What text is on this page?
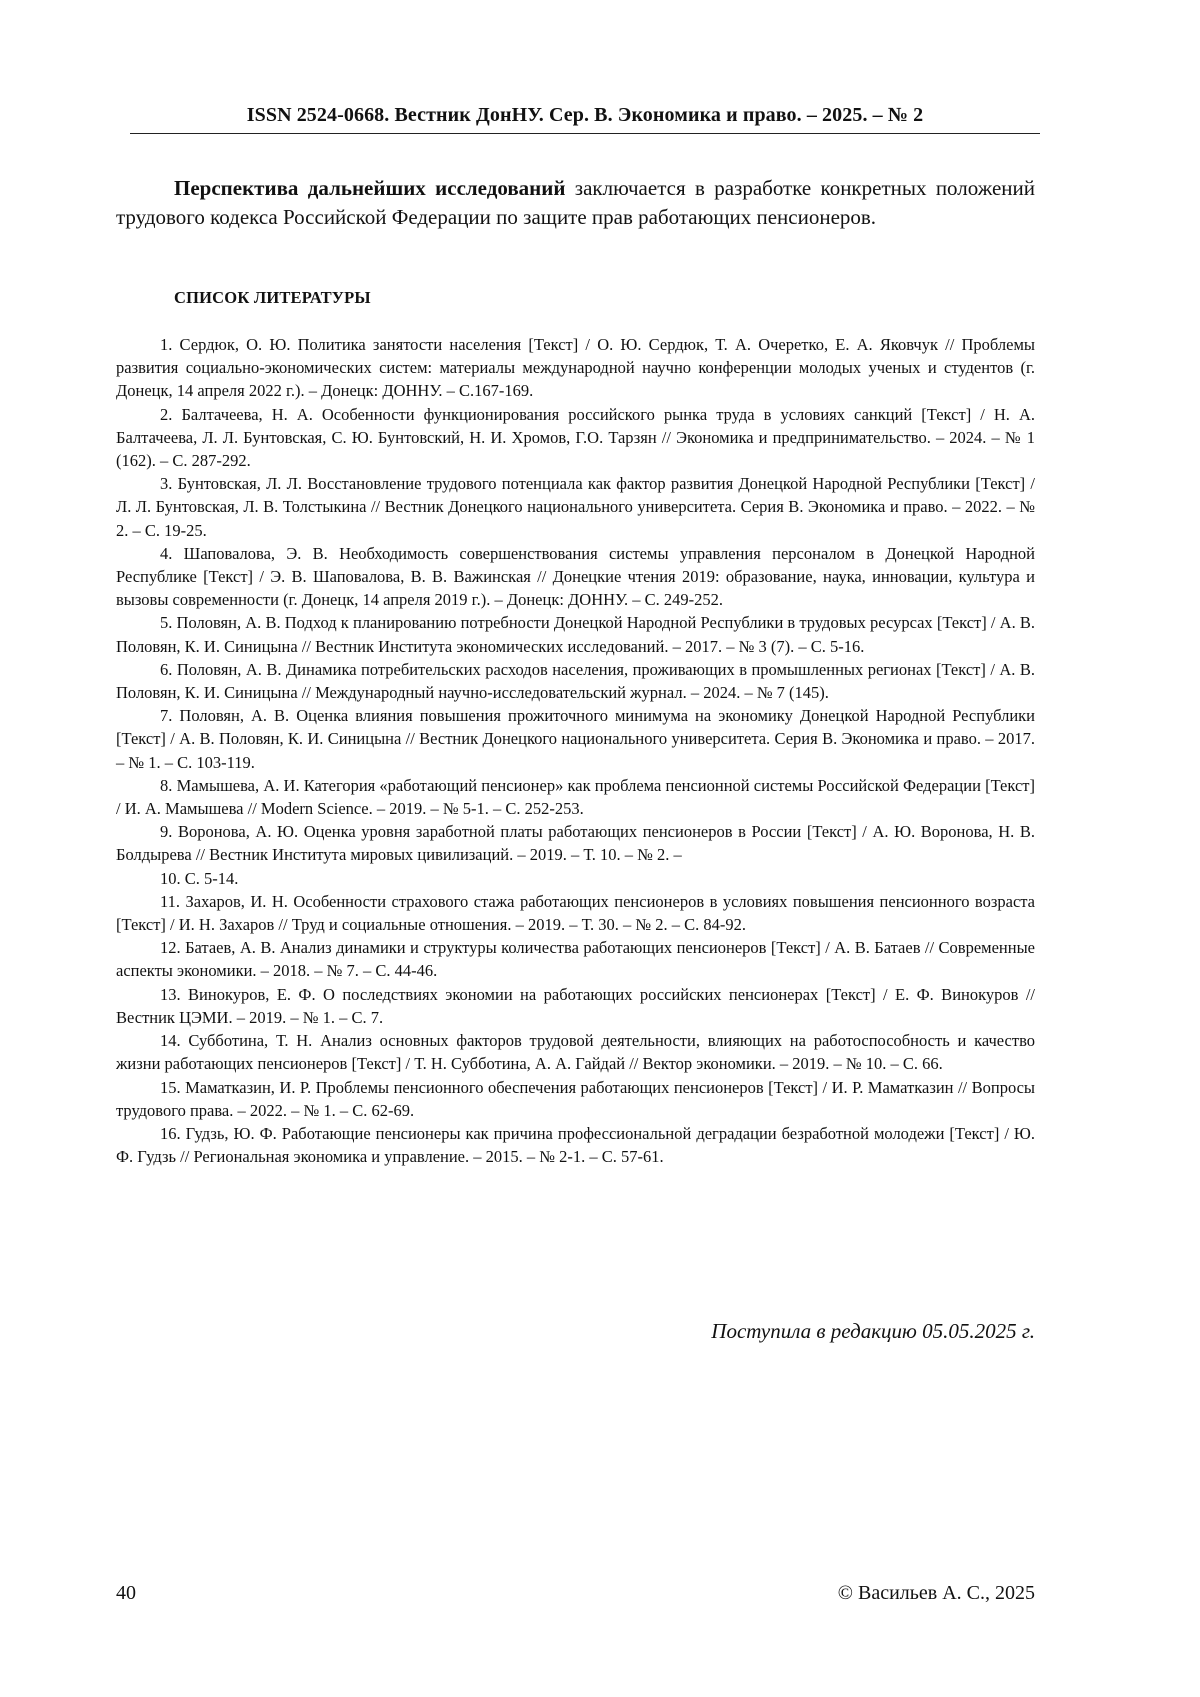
ISSN 2524-0668. Вестник ДонНУ. Сер. В. Экономика и право. – 2025. – № 2

Перспектива дальнейших исследований заключается в разработке конкретных положений трудового кодекса Российской Федерации по защите прав работающих пенсионеров.

СПИСОК ЛИТЕРАТУРЫ
1. Сердюк, О. Ю. Политика занятости населения [Текст] / О. Ю. Сердюк, Т. А. Очеретко, Е. А. Яковчук // Проблемы развития социально-экономических систем: материалы международной научно конференции молодых ученых и студентов (г. Донецк, 14 апреля 2022 г.). – Донецк: ДОННУ. – С.167-169.
2. Балтачеева, Н. А. Особенности функционирования российского рынка труда в условиях санкций [Текст] / Н. А. Балтачеева, Л. Л. Бунтовская, С. Ю. Бунтовский, Н. И. Хромов, Г.О. Тарзян // Экономика и предпринимательство. – 2024. – № 1 (162). – С. 287-292.
3. Бунтовская, Л. Л. Восстановление трудового потенциала как фактор развития Донецкой Народной Республики [Текст] / Л. Л. Бунтовская, Л. В. Толстыкина // Вестник Донецкого национального университета. Серия В. Экономика и право. – 2022. – № 2. – С. 19-25.
4. Шаповалова, Э. В. Необходимость совершенствования системы управления персоналом в Донецкой Народной Республике [Текст] / Э. В. Шаповалова, В. В. Важинская // Донецкие чтения 2019: образование, наука, инновации, культура и вызовы современности (г. Донецк, 14 апреля 2019 г.). – Донецк: ДОННУ. – С. 249-252.
5. Половян, А. В. Подход к планированию потребности Донецкой Народной Республики в трудовых ресурсах [Текст] / А. В. Половян, К. И. Синицына // Вестник Института экономических исследований. – 2017. – № 3 (7). – С. 5-16.
6. Половян, А. В. Динамика потребительских расходов населения, проживающих в промышленных регионах [Текст] / А. В. Половян, К. И. Синицына // Международный научно-исследовательский журнал. – 2024. – № 7 (145).
7. Половян, А. В. Оценка влияния повышения прожиточного минимума на экономику Донецкой Народной Республики [Текст] / А. В. Половян, К. И. Синицына // Вестник Донецкого национального университета. Серия В. Экономика и право. – 2017. – № 1. – С. 103-119.
8. Мамышева, А. И. Категория «работающий пенсионер» как проблема пенсионной системы Российской Федерации [Текст] / И. А. Мамышева // Modern Science. – 2019. – № 5-1. – С. 252-253.
9. Воронова, А. Ю. Оценка уровня заработной платы работающих пенсионеров в России [Текст] / А. Ю. Воронова, Н. В. Болдырева // Вестник Института мировых цивилизаций. – 2019. – Т. 10. – № 2. –
10. С. 5-14.
11. Захаров, И. Н. Особенности страхового стажа работающих пенсионеров в условиях повышения пенсионного возраста [Текст] / И. Н. Захаров // Труд и социальные отношения. – 2019. – Т. 30. – № 2. – С. 84-92.
12. Батаев, А. В. Анализ динамики и структуры количества работающих пенсионеров [Текст] / А. В. Батаев // Современные аспекты экономики. – 2018. – № 7. – С. 44-46.
13. Винокуров, Е. Ф. О последствиях экономии на работающих российских пенсионерах [Текст] / Е. Ф. Винокуров // Вестник ЦЭМИ. – 2019. – № 1. – С. 7.
14. Субботина, Т. Н. Анализ основных факторов трудовой деятельности, влияющих на работоспособность и качество жизни работающих пенсионеров [Текст] / Т. Н. Субботина, А. А. Гайдай // Вектор экономики. – 2019. – № 10. – С. 66.
15. Маматказин, И. Р. Проблемы пенсионного обеспечения работающих пенсионеров [Текст] / И. Р. Маматказин // Вопросы трудового права. – 2022. – № 1. – С. 62-69.
16. Гудзь, Ю. Ф. Работающие пенсионеры как причина профессиональной деградации безработной молодежи [Текст] / Ю. Ф. Гудзь // Региональная экономика и управление. – 2015. – № 2-1. – С. 57-61.

Поступила в редакцию 05.05.2025 г.

40	© Васильев А. С., 2025
